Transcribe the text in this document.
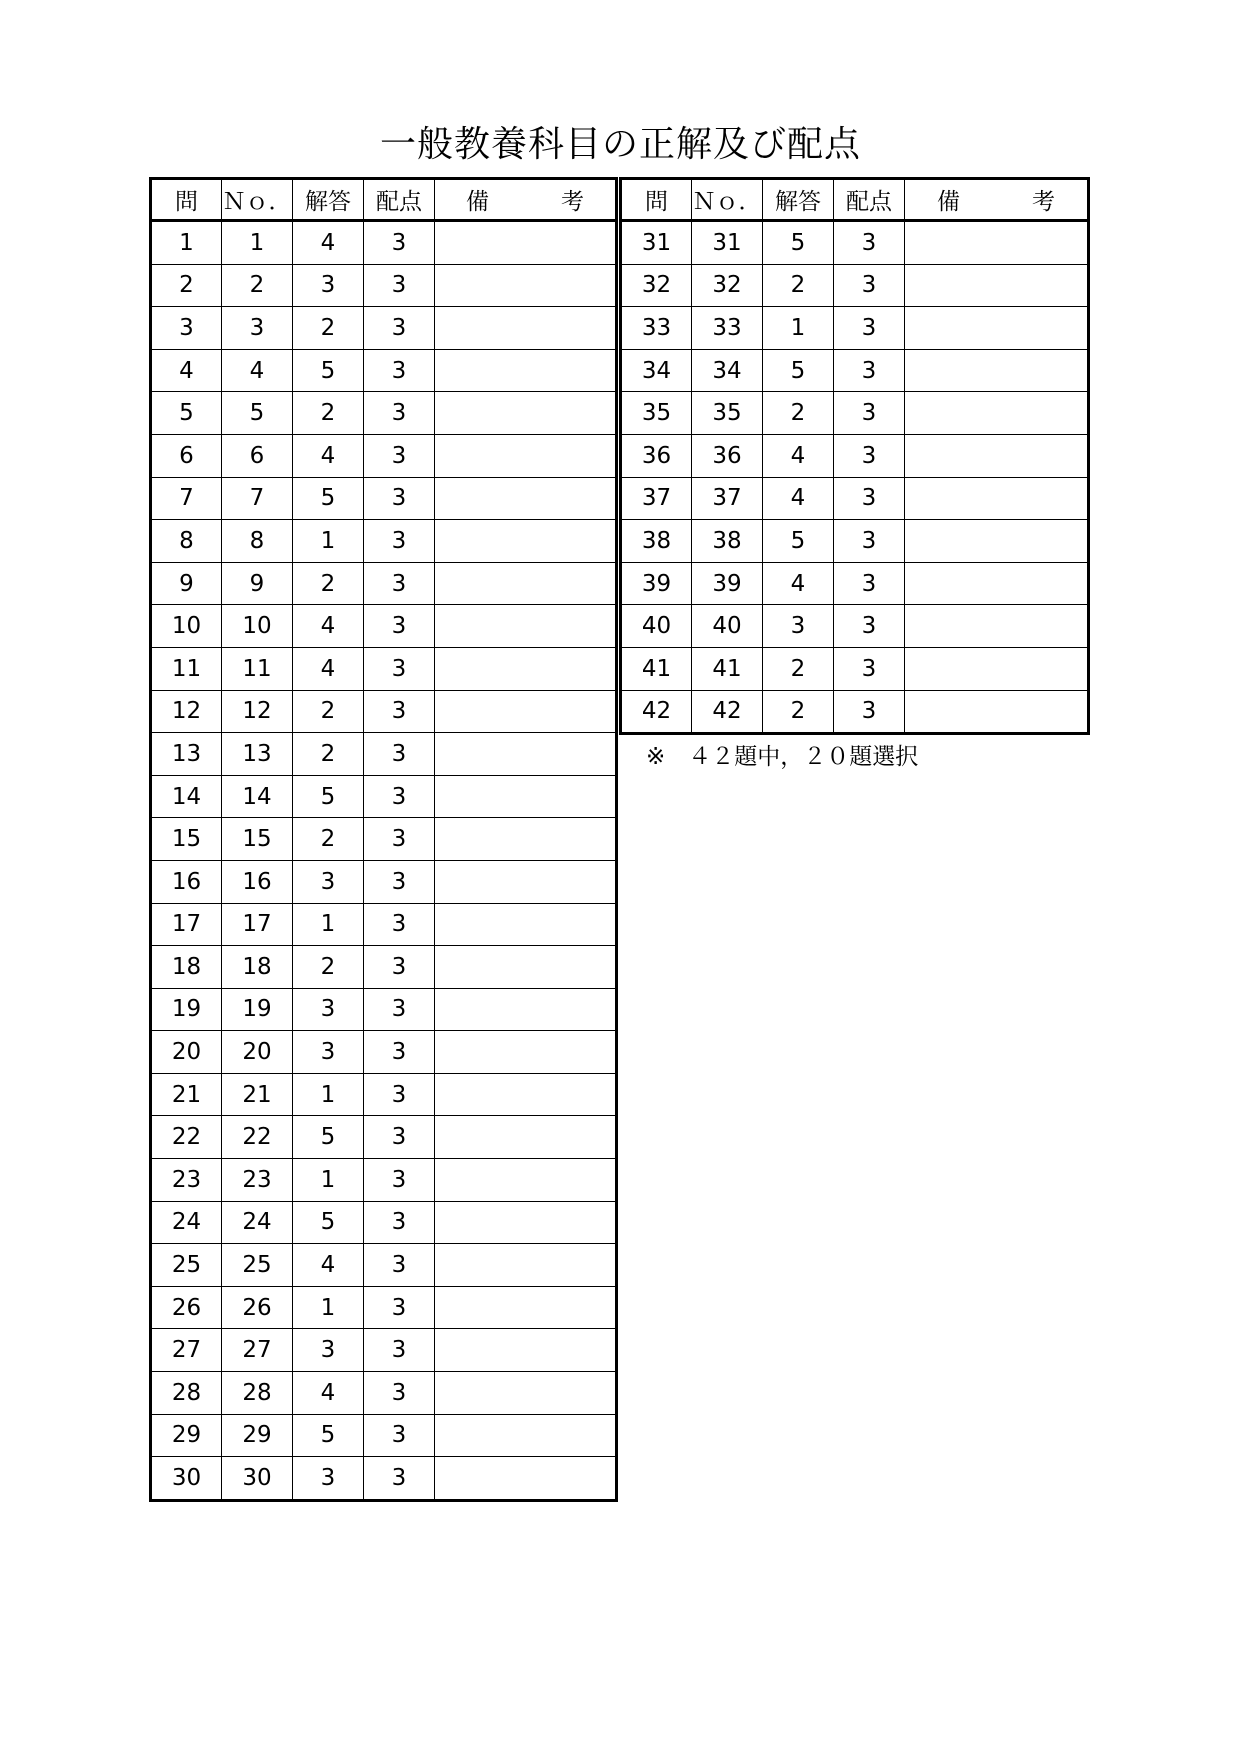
一般教養科目の正解及び配点
問	Ｎｏ．	解答	配点	備 考
1	1	4	3	
2	2	3	3	
3	3	2	3	
4	4	5	3	
5	5	2	3	
6	6	4	3	
7	7	5	3	
8	8	1	3	
9	9	2	3	
10	10	4	3	
11	11	4	3	
12	12	2	3	
13	13	2	3	
14	14	5	3	
15	15	2	3	
16	16	3	3	
17	17	1	3	
18	18	2	3	
19	19	3	3	
20	20	3	3	
21	21	1	3	
22	22	5	3	
23	23	1	3	
24	24	5	3	
25	25	4	3	
26	26	1	3	
27	27	3	3	
28	28	4	3	
29	29	5	3	
30	30	3	3	
問	Ｎｏ．	解答	配点	備 考
31	31	5	3	
32	32	2	3	
33	33	1	3	
34	34	5	3	
35	35	2	3	
36	36	4	3	
37	37	4	3	
38	38	5	3	
39	39	4	3	
40	40	3	3	
41	41	2	3	
42	42	2	3	
※　４２題中，２０題選択
